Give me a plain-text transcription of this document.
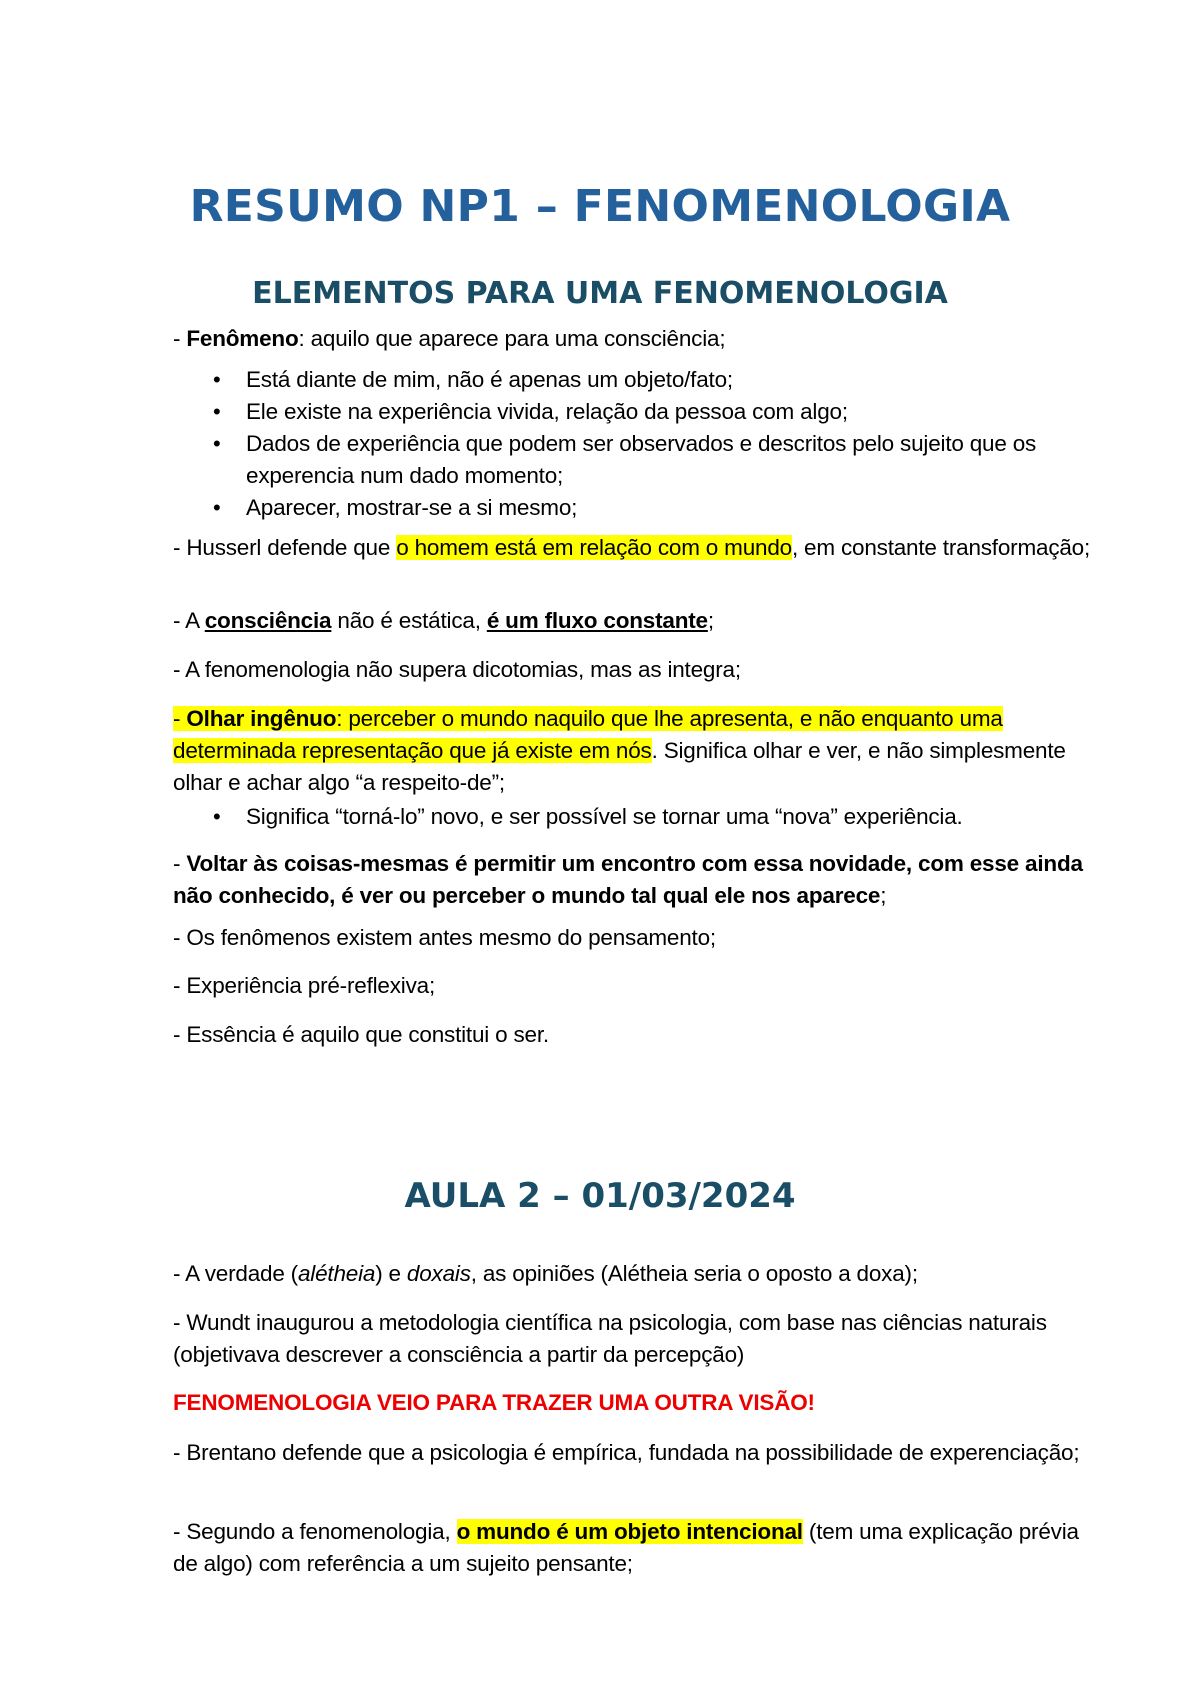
RESUMO NP1 – FENOMENOLOGIA
ELEMENTOS PARA UMA FENOMENOLOGIA

- Fenômeno: aquilo que aparece para uma consciência;

• Está diante de mim, não é apenas um objeto/fato;
• Ele existe na experiência vivida, relação da pessoa com algo;
• Dados de experiência que podem ser observados e descritos pelo sujeito que os experencia num dado momento;
• Aparecer, mostrar-se a si mesmo;

- Husserl defende que o homem está em relação com o mundo, em constante transformação;

- A consciência não é estática, é um fluxo constante;

- A fenomenologia não supera dicotomias, mas as integra;

- Olhar ingênuo: perceber o mundo naquilo que lhe apresenta, e não enquanto uma determinada representação que já existe em nós. Significa olhar e ver, e não simplesmente olhar e achar algo “a respeito-de”;

• Significa “torná-lo” novo, e ser possível se tornar uma “nova” experiência.

- Voltar às coisas-mesmas é permitir um encontro com essa novidade, com esse ainda não conhecido, é ver ou perceber o mundo tal qual ele nos aparece;

- Os fenômenos existem antes mesmo do pensamento;

- Experiência pré-reflexiva;

- Essência é aquilo que constitui o ser.

AULA 2 – 01/03/2024

- A verdade (alétheia) e doxais, as opiniões (Alétheia seria o oposto a doxa);

- Wundt inaugurou a metodologia científica na psicologia, com base nas ciências naturais (objetivava descrever a consciência a partir da percepção)

FENOMENOLOGIA VEIO PARA TRAZER UMA OUTRA VISÃO!

- Brentano defende que a psicologia é empírica, fundada na possibilidade de experenciação;

- Segundo a fenomenologia, o mundo é um objeto intencional (tem uma explicação prévia de algo) com referência a um sujeito pensante;
